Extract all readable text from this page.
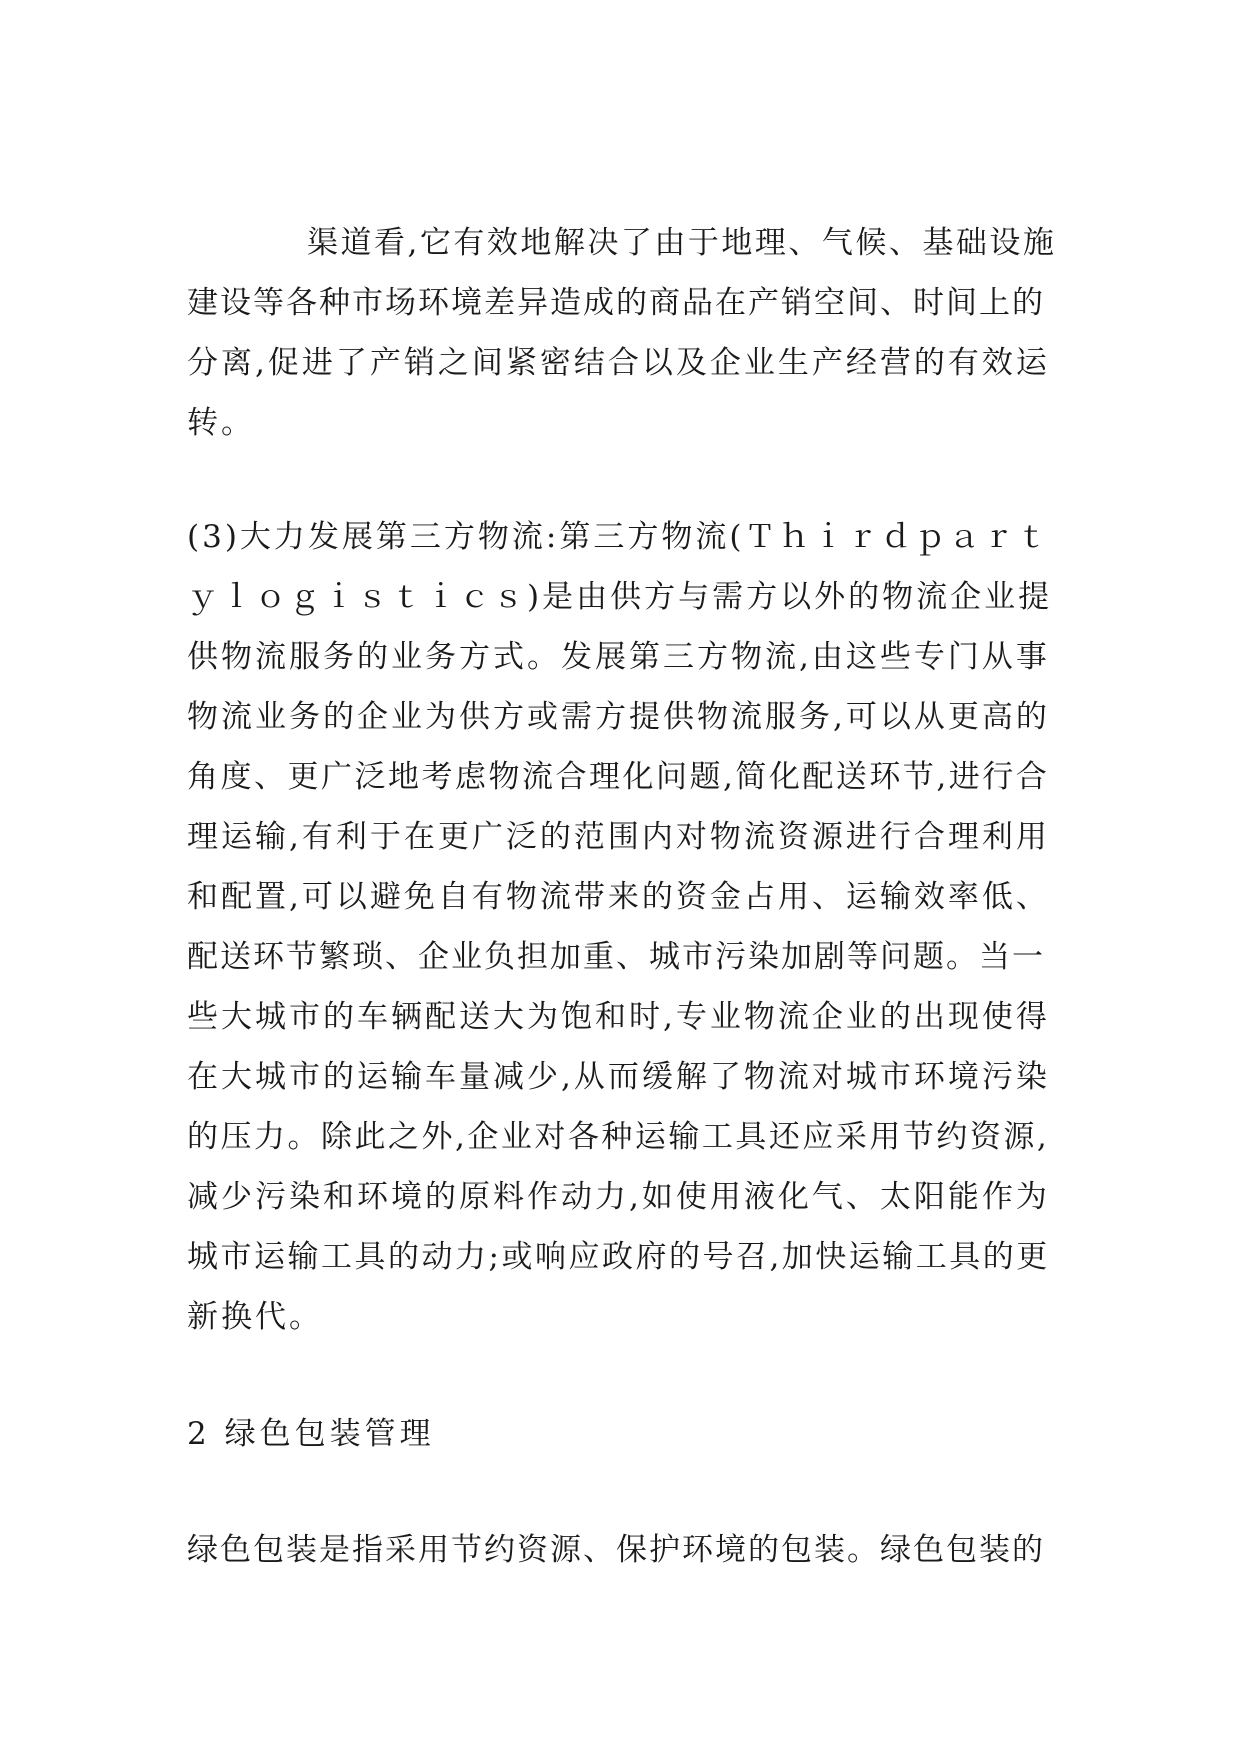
渠道看,它有效地解决了由于地理、气候、基础设施
建设等各种市场环境差异造成的商品在产销空间、时间上的
分离,促进了产销之间紧密结合以及企业生产经营的有效运
转。
(3)大力发展第三方物流:第三方物流(Ｔｈｉｒｄｐａｒｔ
ｙｌｏｇｉｓｔｉｃｓ)是由供方与需方以外的物流企业提
供物流服务的业务方式。发展第三方物流,由这些专门从事
物流业务的企业为供方或需方提供物流服务,可以从更高的
角度、更广泛地考虑物流合理化问题,简化配送环节,进行合
理运输,有利于在更广泛的范围内对物流资源进行合理利用
和配置,可以避免自有物流带来的资金占用、运输效率低、
配送环节繁琐、企业负担加重、城市污染加剧等问题。当一
些大城市的车辆配送大为饱和时,专业物流企业的出现使得
在大城市的运输车量减少,从而缓解了物流对城市环境污染
的压力。除此之外,企业对各种运输工具还应采用节约资源,
减少污染和环境的原料作动力,如使用液化气、太阳能作为
城市运输工具的动力;或响应政府的号召,加快运输工具的更
新换代。
2 绿色包装管理
绿色包装是指采用节约资源、保护环境的包装。绿色包装的
